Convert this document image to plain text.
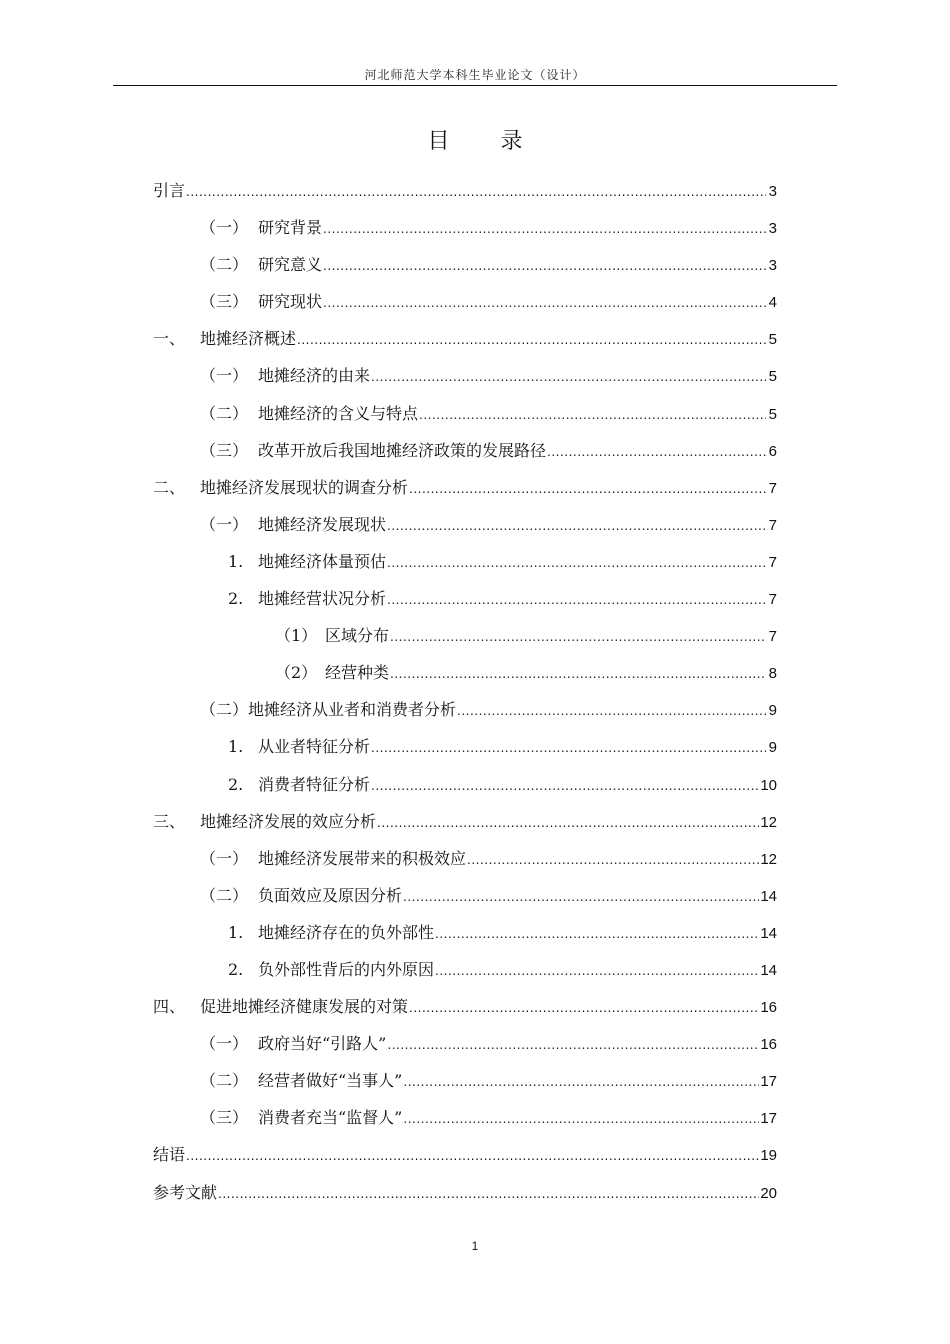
河北师范大学本科生毕业论文（设计）
目 录
引言 .....	3
（一） 研究背景 .....	3
（二） 研究意义 .....	3
（三） 研究现状 .....	4
一、 地摊经济概述 .....	5
（一） 地摊经济的由来 .....	5
（二） 地摊经济的含义与特点 .....	5
（三） 改革开放后我国地摊经济政策的发展路径 .....	6
二、 地摊经济发展现状的调查分析 .....	7
（一） 地摊经济发展现状 .....	7
1. 地摊经济体量预估 .....	7
2. 地摊经营状况分析 .....	7
（1） 区域分布 .....	7
（2） 经营种类 .....	8
（二） 地摊经济从业者和消费者分析 .....	9
1. 从业者特征分析 .....	9
2. 消费者特征分析 .....	10
三、 地摊经济发展的效应分析 .....	12
（一） 地摊经济发展带来的积极效应 .....	12
（二） 负面效应及原因分析 .....	14
1. 地摊经济存在的负外部性 .....	14
2. 负外部性背后的内外原因 .....	14
四、 促进地摊经济健康发展的对策 .....	16
（一） 政府当好“引路人” .....	16
（二） 经营者做好“当事人” .....	17
（三） 消费者充当“监督人” .....	17
结语 .....	19
参考文献 .....	20
1
